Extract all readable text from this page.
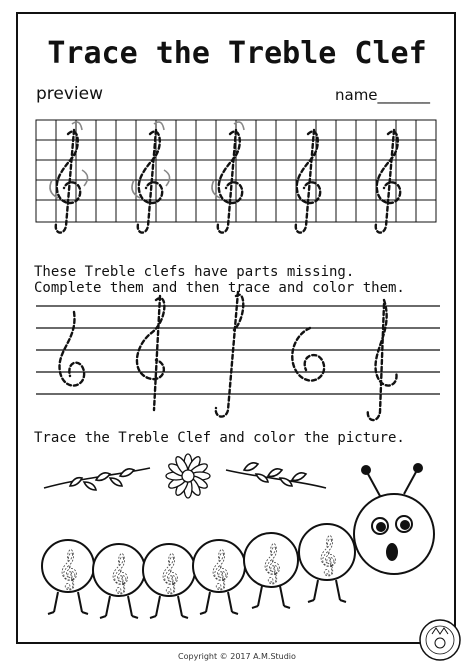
Trace the Treble Clef
preview	name_______
𝄞 𝄞 𝄞 𝄞 𝄞 𝄞
These Treble clefs have parts missing.
Complete them and then trace and color them.
Trace the Treble Clef and color the picture.
Copyright © 2017 A.M.Studio
